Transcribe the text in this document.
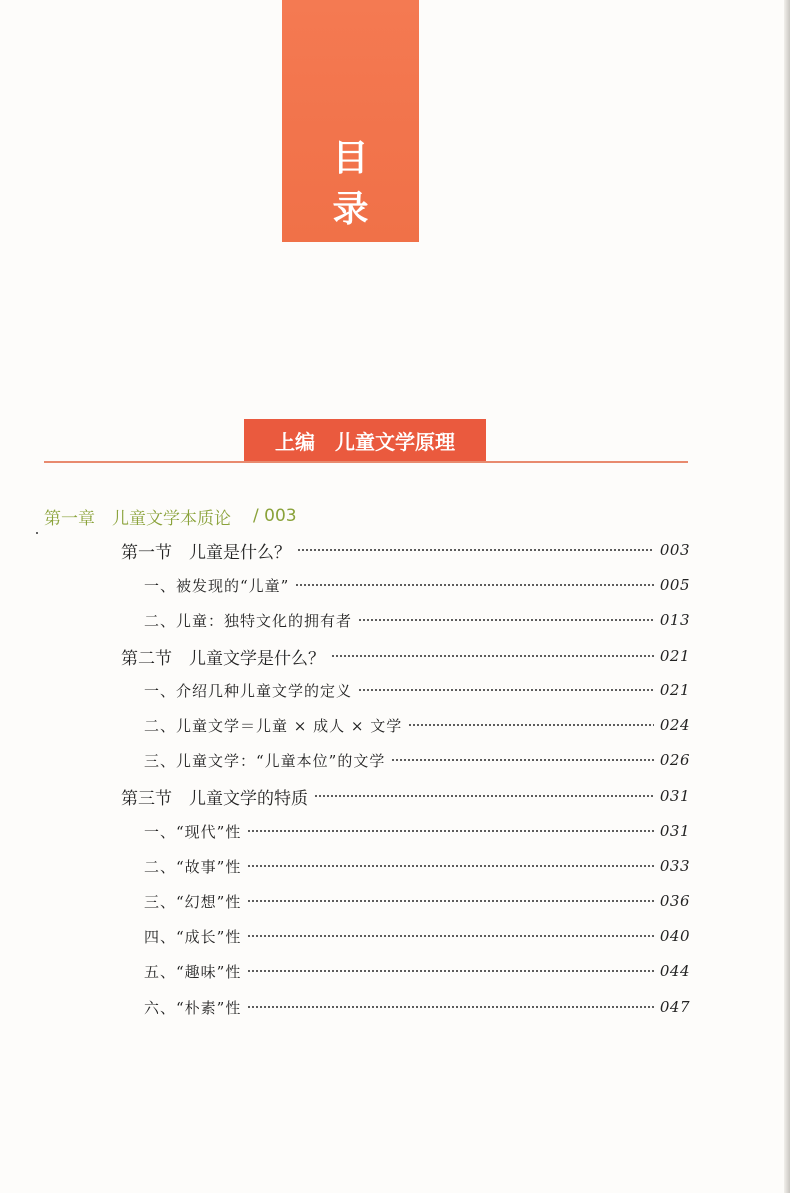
目 录
上编　儿童文学原理
第一章　儿童文学本质论 / 003
第一节　儿童是什么？	003
一、被发现的“儿童”	005
二、儿童：独特文化的拥有者	013
第二节　儿童文学是什么？	021
一、介绍几种儿童文学的定义	021
二、儿童文学＝儿童 × 成人 × 文学	024
三、儿童文学：“儿童本位”的文学	026
第三节　儿童文学的特质	031
一、“现代”性	031
二、“故事”性	033
三、“幻想”性	036
四、“成长”性	040
五、“趣味”性	044
六、“朴素”性	047
